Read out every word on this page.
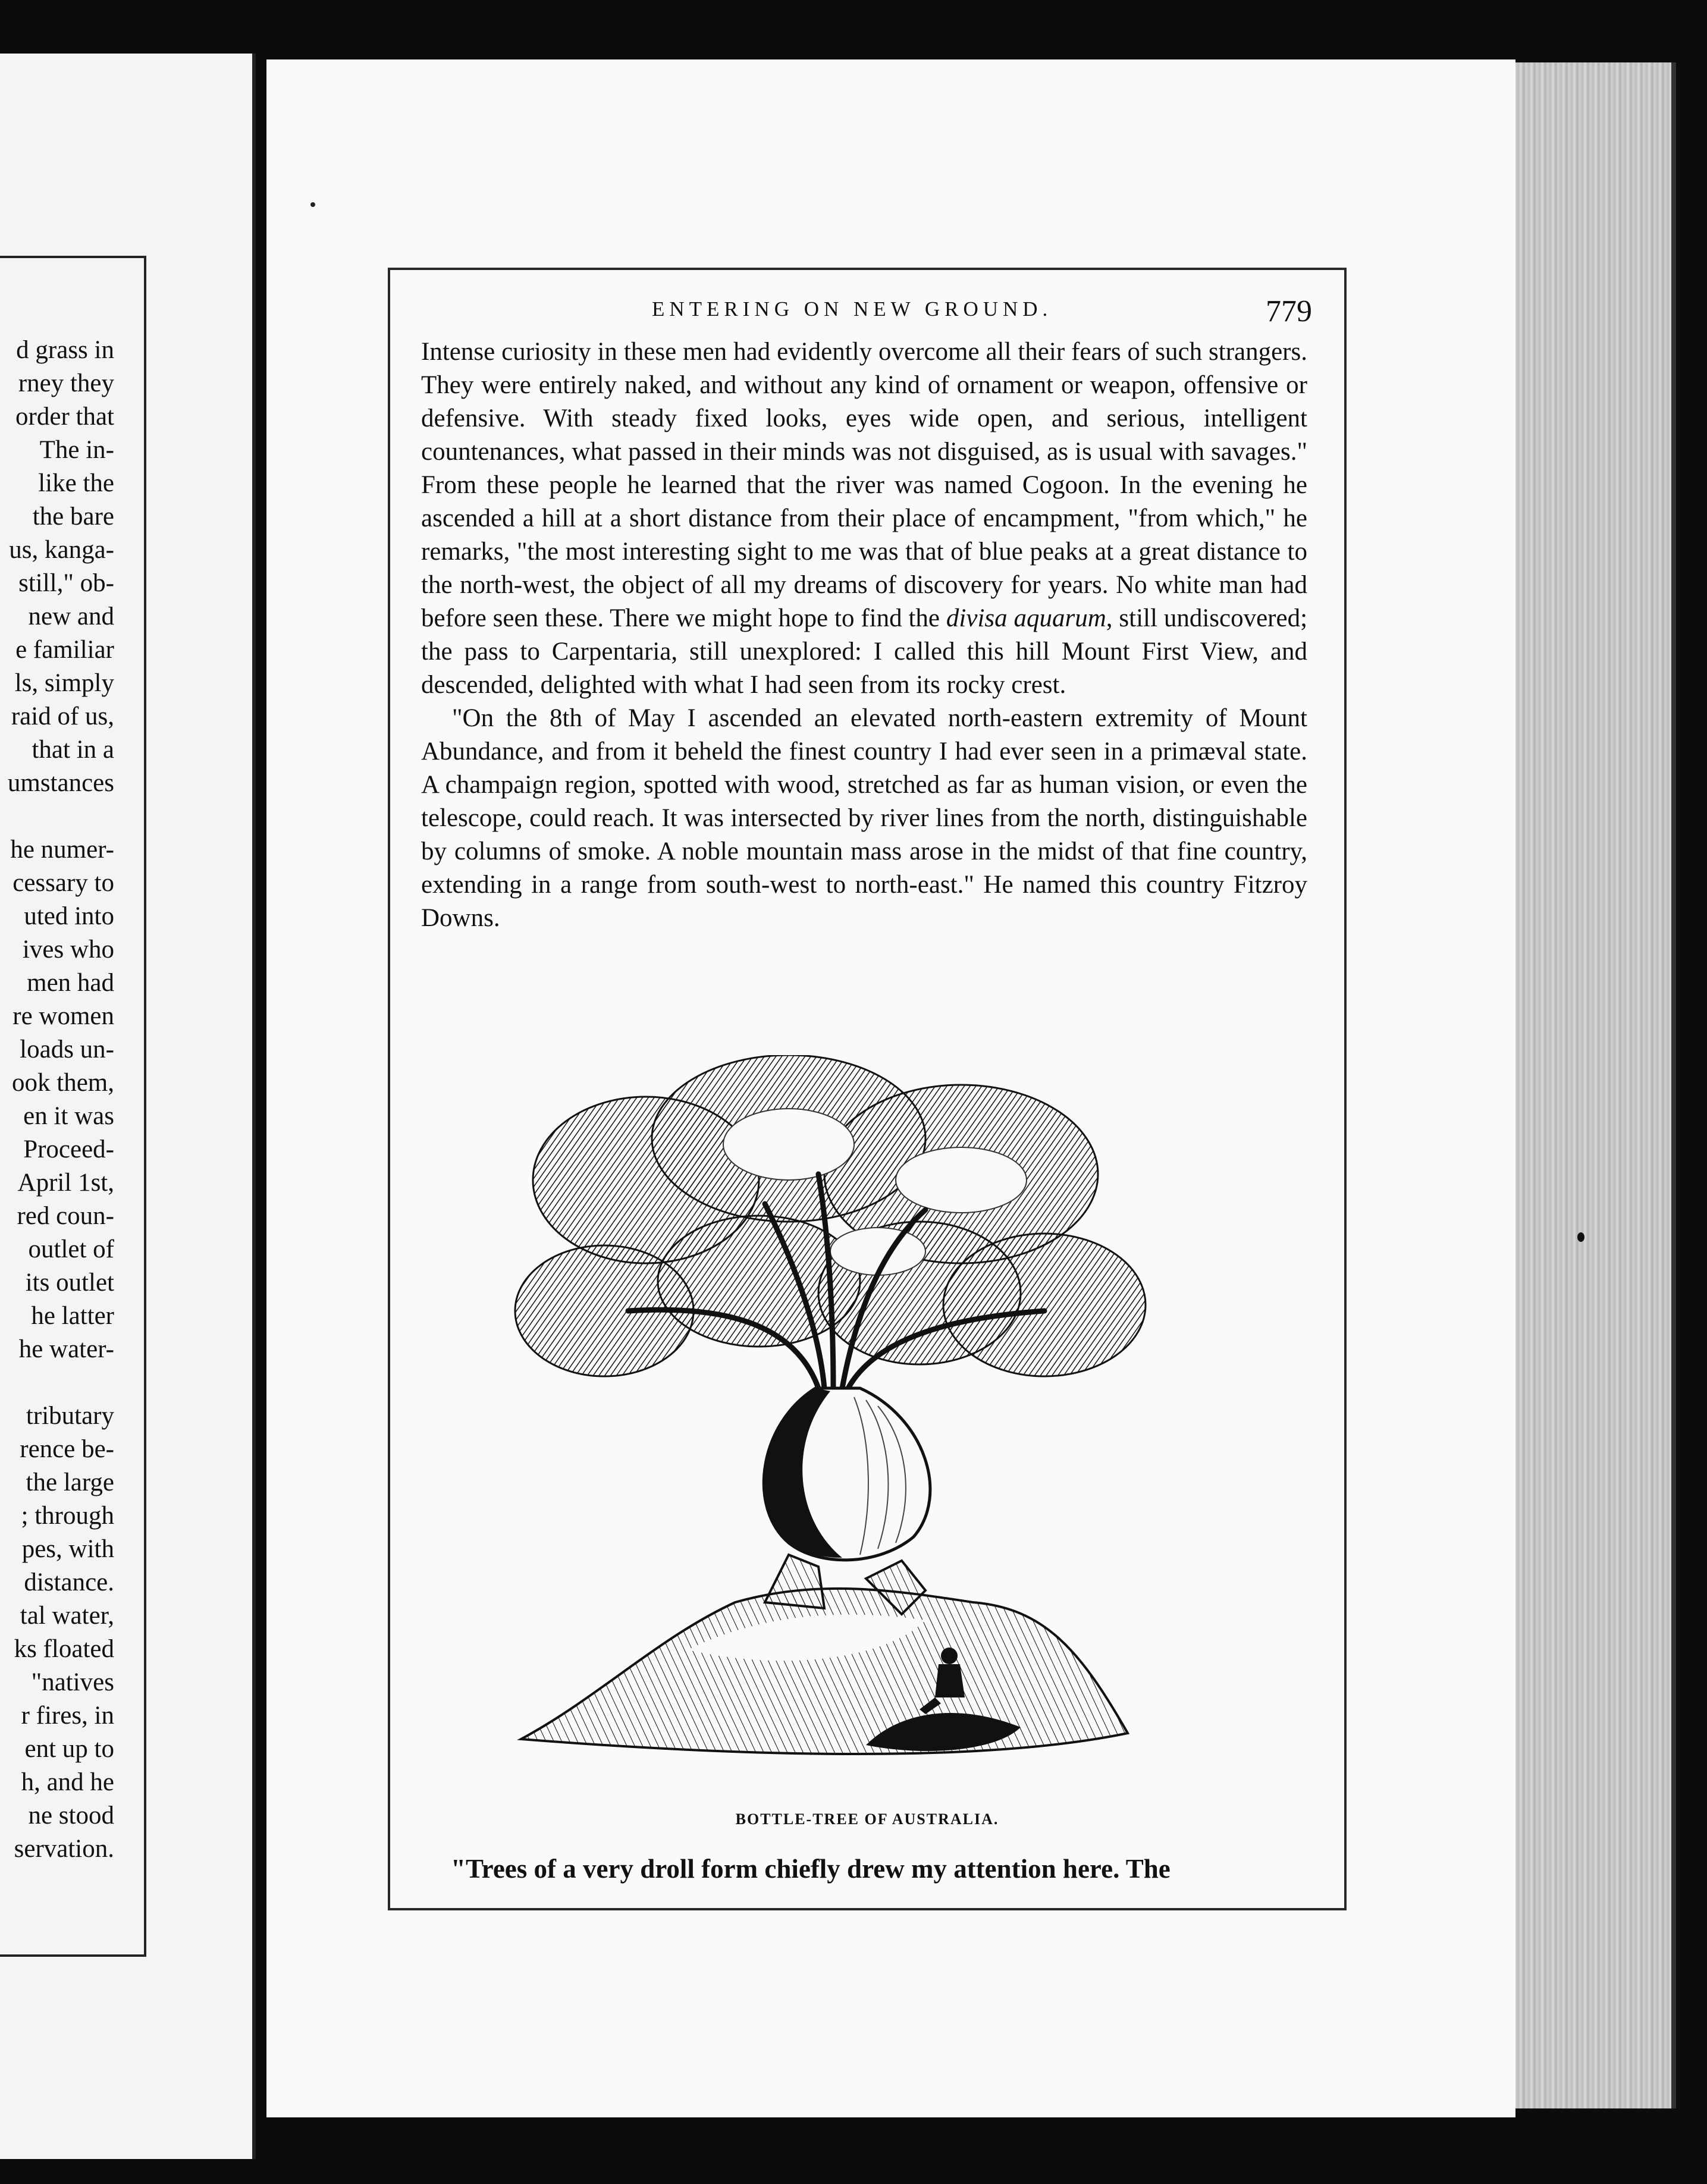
d grass in
rney they
order that
The in-
like the
the bare
us, kanga-
still," ob-
new and
e familiar
ls, simply
raid of us,
that in a
umstances
he numer-
cessary to
uted into
ives who
men had
re women
loads un-
ook them,
en it was
Proceed-
April 1st,
red coun-
outlet of
its outlet
he latter
he water-
tributary
rence be-
the large
; through
pes, with
distance.
tal water,
ks floated
"natives
r fires, in
ent up to
h, and he
ne stood
servation.
ENTERING ON NEW GROUND.	779

Intense curiosity in these men had evidently overcome all their fears of such strangers. They were entirely naked, and without any kind of ornament or weapon, offensive or defensive. With steady fixed looks, eyes wide open, and serious, intelligent countenances, what passed in their minds was not disguised, as is usual with savages." From these people he learned that the river was named Cogoon. In the evening he ascended a hill at a short distance from their place of encampment, "from which," he remarks, "the most interesting sight to me was that of blue peaks at a great distance to the north-west, the object of all my dreams of discovery for years. No white man had before seen these. There we might hope to find the divisa aquarum, still undiscovered; the pass to Carpentaria, still unexplored: I called this hill Mount First View, and descended, delighted with what I had seen from its rocky crest.

"On the 8th of May I ascended an elevated north-eastern extremity of Mount Abundance, and from it beheld the finest country I had ever seen in a primæval state. A champaign region, spotted with wood, stretched as far as human vision, or even the telescope, could reach. It was intersected by river lines from the north, distinguishable by columns of smoke. A noble mountain mass arose in the midst of that fine country, extending in a range from south-west to north-east." He named this country Fitzroy Downs.

BOTTLE-TREE OF AUSTRALIA.
"Trees of a very droll form chiefly drew my attention here. The
